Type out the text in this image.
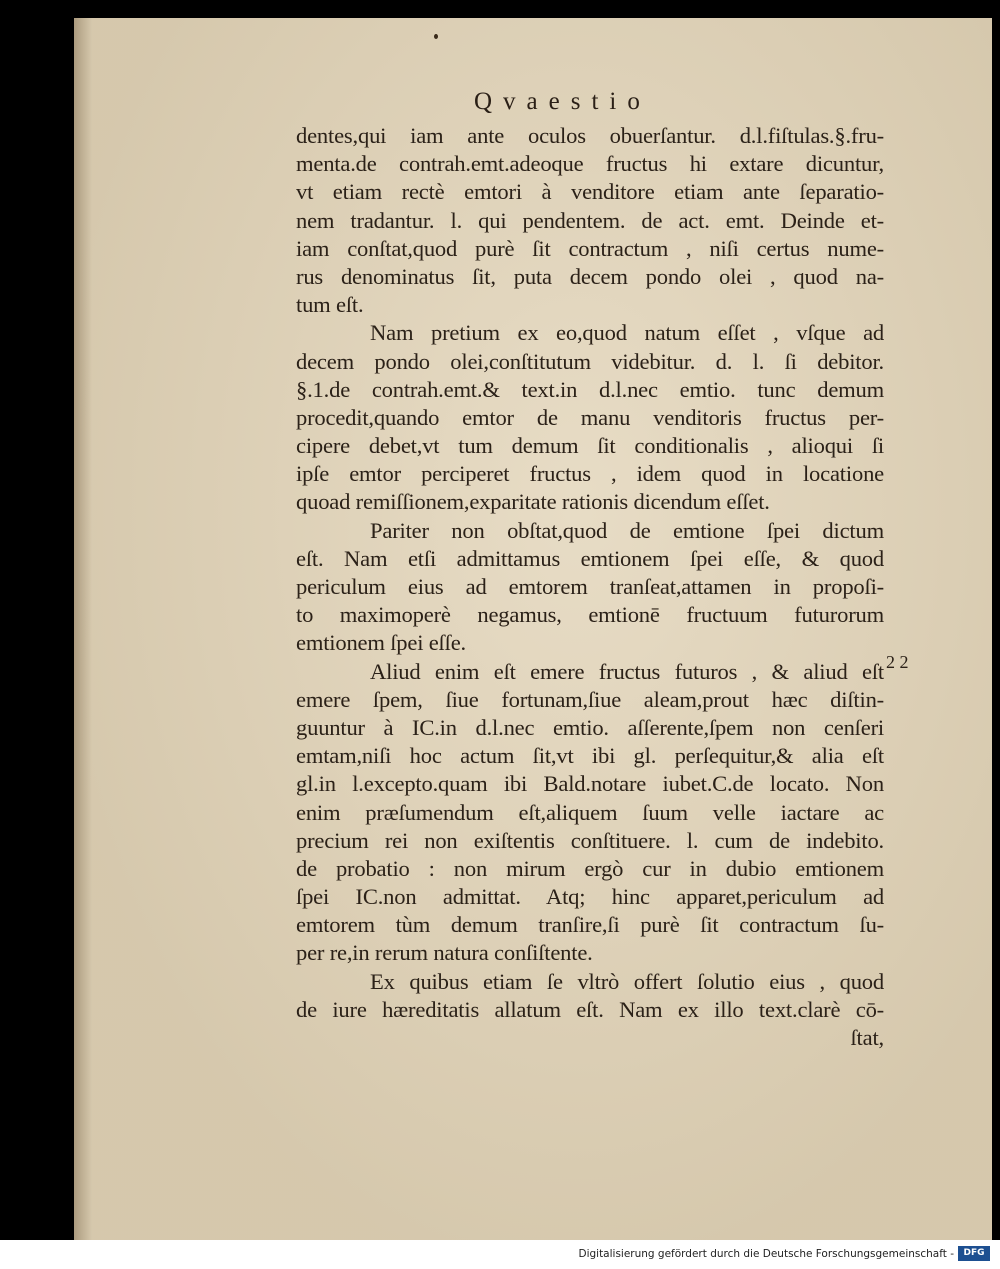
Qvaestio
dentes,qui iam ante oculos obuerſantur. d.l.fiſtulas.§.fru-
menta.de contrah.emt.adeoque fructus hi extare dicuntur,
vt etiam rectè emtori à venditore etiam ante ſeparatio-
nem tradantur. l. qui pendentem. de act. emt. Deinde et-
iam conſtat,quod purè ſit contractum , niſi certus nume-
rus denominatus ſit, puta decem pondo olei , quod na-
tum eſt.
Nam pretium ex eo,quod natum eſſet , vſque ad
decem pondo olei,conſtitutum videbitur. d. l. ſi debitor.
§.1.de contrah.emt.& text.in d.l.nec emtio. tunc demum
procedit,quando emtor de manu venditoris fructus per-
cipere debet,vt tum demum ſit conditionalis , alioqui ſi
ipſe emtor perciperet fructus , idem quod in locatione
quoad remiſſionem,exparitate rationis dicendum eſſet.
Pariter non obſtat,quod de emtione ſpei dictum
eſt. Nam etſi admittamus emtionem ſpei eſſe, & quod
periculum eius ad emtorem tranſeat,attamen in propoſi-
to maximoperè negamus, emtionē fructuum futurorum
emtionem ſpei eſſe.
Aliud enim eſt emere fructus futuros , & aliud eſt
emere ſpem, ſiue fortunam,ſiue aleam,prout hæc diſtin-
guuntur à IC.in d.l.nec emtio. aſſerente,ſpem non cenſeri
emtam,niſi hoc actum ſit,vt ibi gl. perſequitur,& alia eſt
gl.in l.excepto.quam ibi Bald.notare iubet.C.de locato. Non
enim præſumendum eſt,aliquem ſuum velle iactare ac
precium rei non exiſtentis conſtituere. l. cum de indebito.
de probatio : non mirum ergò cur in dubio emtionem
ſpei IC.non admittat. Atq; hinc apparet,periculum ad
emtorem tùm demum tranſire,ſi purè ſit contractum ſu-
per re,in rerum natura conſiſtente.
Ex quibus etiam ſe vltrò offert ſolutio eius , quod
de iure hæreditatis allatum eſt. Nam ex illo text.clarè cō-
ſtat,
2 2
Digitalisierung gefördert durch die Deutsche Forschungsgemeinschaft -	DFG
